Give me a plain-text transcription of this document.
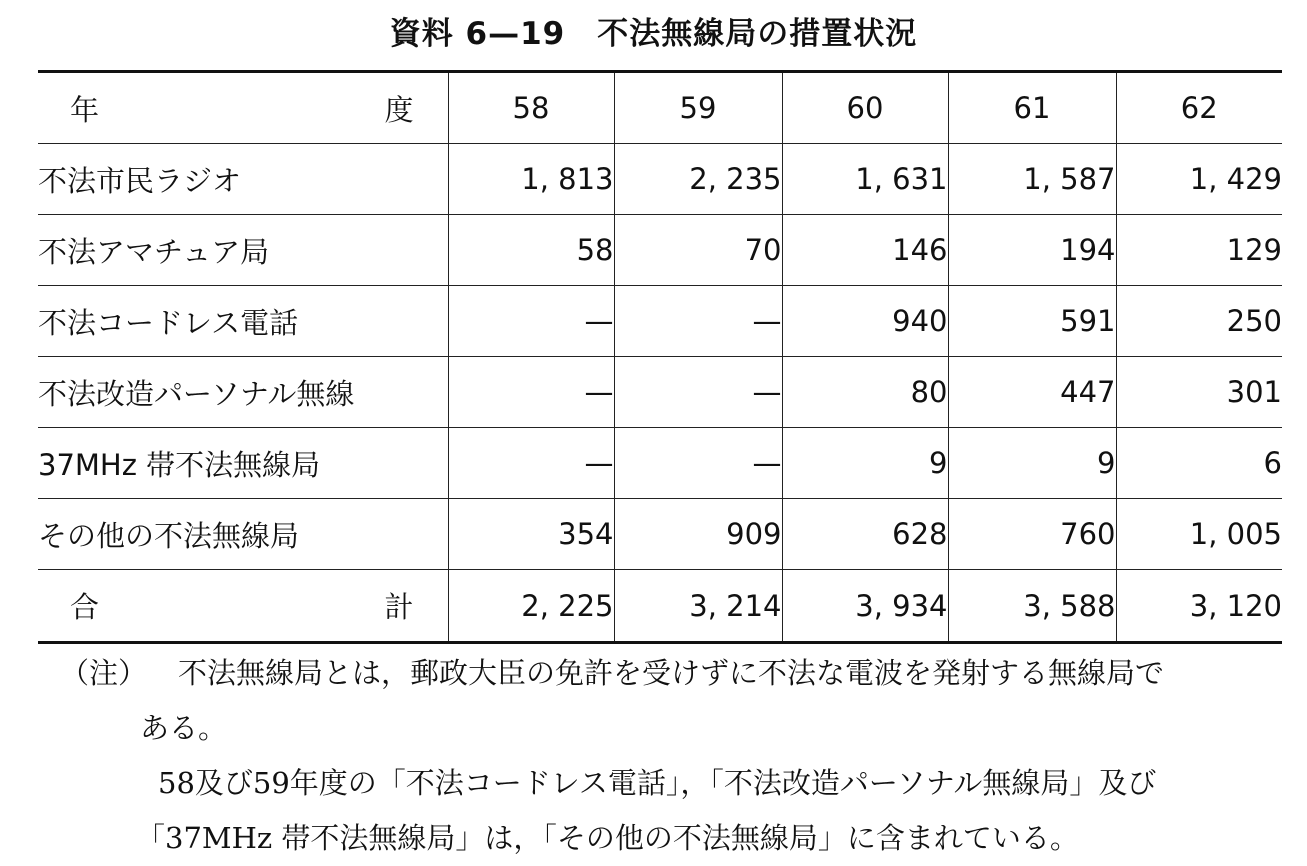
資料 6—19　不法無線局の措置状況
年 度	58	59	60	61	62
不法市民ラジオ	1, 813	2, 235	1, 631	1, 587	1, 429
不法アマチュア局	58	70	146	194	129
不法コードレス電話	—	—	940	591	250
不法改造パーソナル無線	—	—	80	447	301
37MHz 帯不法無線局	—	—	9	9	6
その他の不法無線局	354	909	628	760	1, 005

合 計	2, 225	3, 214	3, 934	3, 588	3, 120

（注） 不法無線局とは，郵政大臣の免許を受けずに不法な電波を発射する無線局で

ある。

58及び59年度の「不法コードレス電話」，「不法改造パーソナル無線局」及び

「37MHz 帯不法無線局」は，「その他の不法無線局」に含まれている。
